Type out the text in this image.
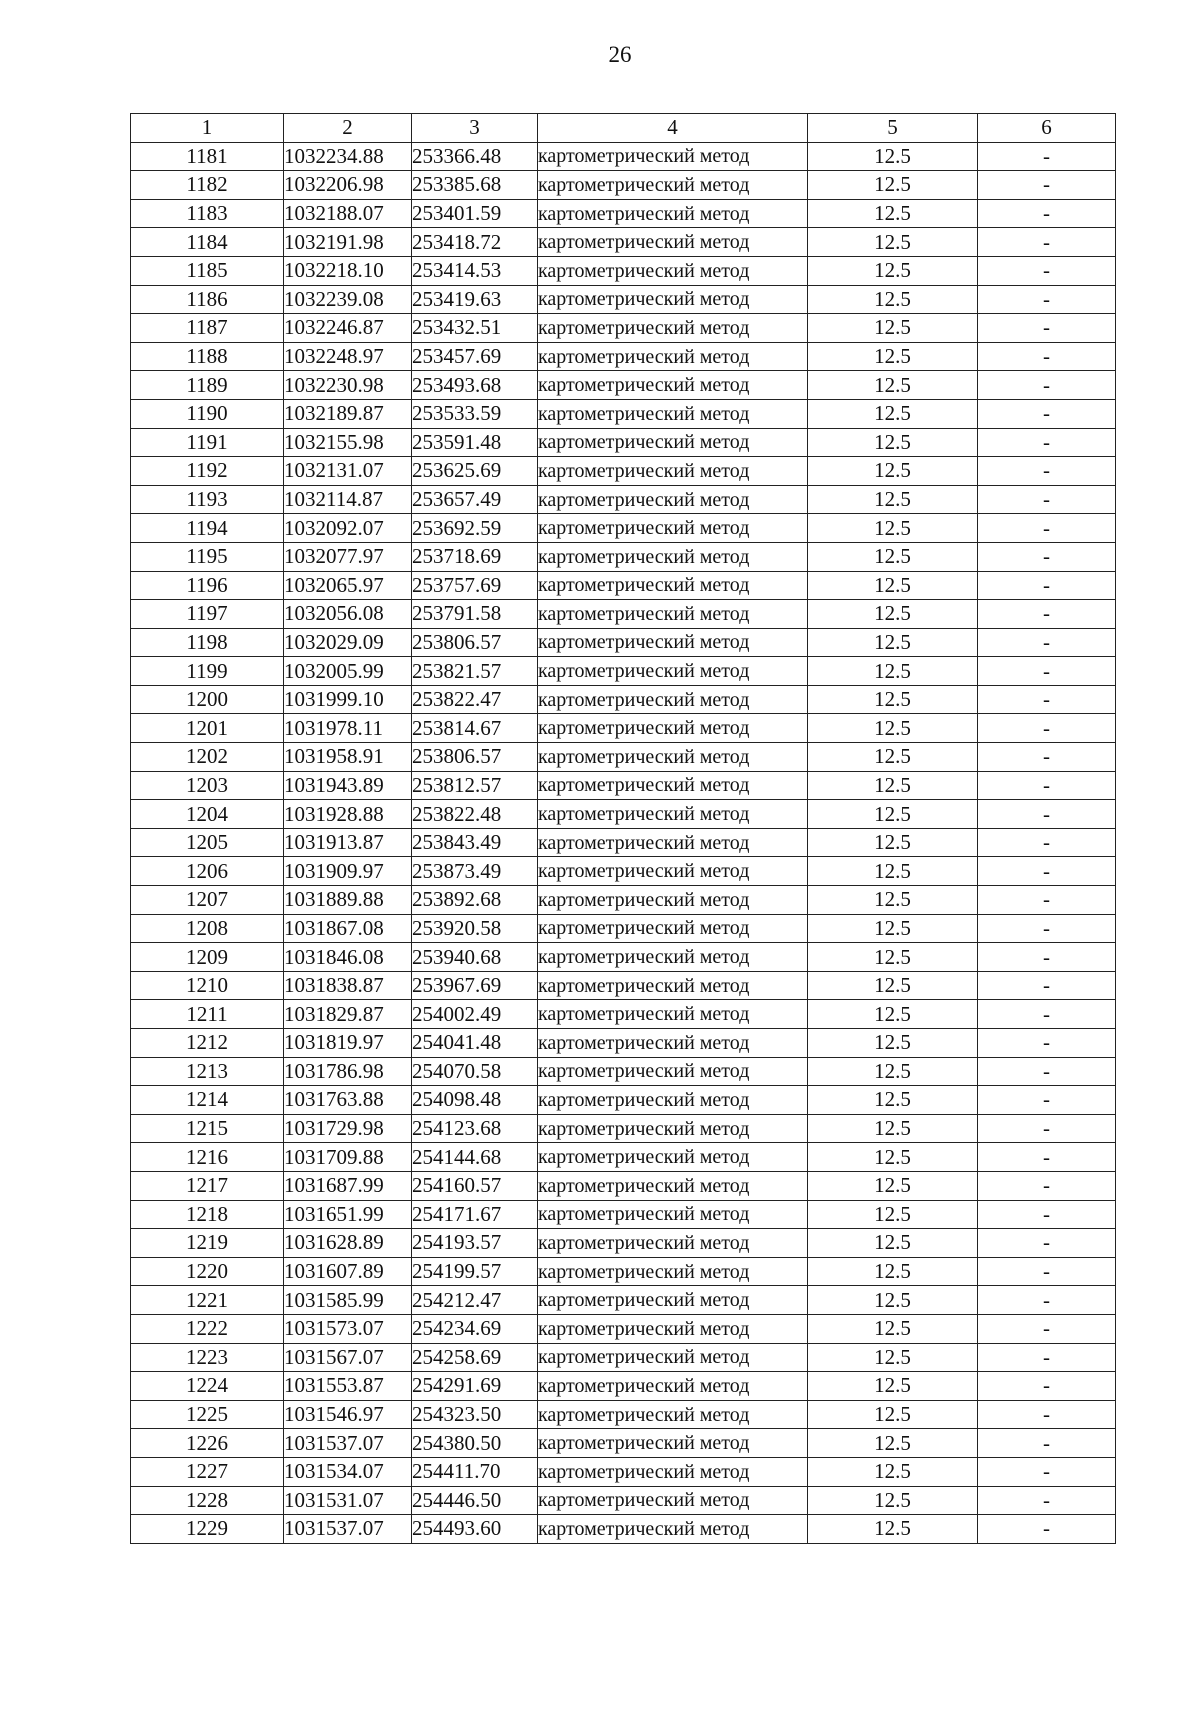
26
1	2	3	4	5	6
1181	1032234.88	253366.48	картометрический метод	12.5	-
1182	1032206.98	253385.68	картометрический метод	12.5	-
1183	1032188.07	253401.59	картометрический метод	12.5	-
1184	1032191.98	253418.72	картометрический метод	12.5	-
1185	1032218.10	253414.53	картометрический метод	12.5	-
1186	1032239.08	253419.63	картометрический метод	12.5	-
1187	1032246.87	253432.51	картометрический метод	12.5	-
1188	1032248.97	253457.69	картометрический метод	12.5	-
1189	1032230.98	253493.68	картометрический метод	12.5	-
1190	1032189.87	253533.59	картометрический метод	12.5	-
1191	1032155.98	253591.48	картометрический метод	12.5	-
1192	1032131.07	253625.69	картометрический метод	12.5	-
1193	1032114.87	253657.49	картометрический метод	12.5	-
1194	1032092.07	253692.59	картометрический метод	12.5	-
1195	1032077.97	253718.69	картометрический метод	12.5	-
1196	1032065.97	253757.69	картометрический метод	12.5	-
1197	1032056.08	253791.58	картометрический метод	12.5	-
1198	1032029.09	253806.57	картометрический метод	12.5	-
1199	1032005.99	253821.57	картометрический метод	12.5	-
1200	1031999.10	253822.47	картометрический метод	12.5	-
1201	1031978.11	253814.67	картометрический метод	12.5	-
1202	1031958.91	253806.57	картометрический метод	12.5	-
1203	1031943.89	253812.57	картометрический метод	12.5	-
1204	1031928.88	253822.48	картометрический метод	12.5	-
1205	1031913.87	253843.49	картометрический метод	12.5	-
1206	1031909.97	253873.49	картометрический метод	12.5	-
1207	1031889.88	253892.68	картометрический метод	12.5	-
1208	1031867.08	253920.58	картометрический метод	12.5	-
1209	1031846.08	253940.68	картометрический метод	12.5	-
1210	1031838.87	253967.69	картометрический метод	12.5	-
1211	1031829.87	254002.49	картометрический метод	12.5	-
1212	1031819.97	254041.48	картометрический метод	12.5	-
1213	1031786.98	254070.58	картометрический метод	12.5	-
1214	1031763.88	254098.48	картометрический метод	12.5	-
1215	1031729.98	254123.68	картометрический метод	12.5	-
1216	1031709.88	254144.68	картометрический метод	12.5	-
1217	1031687.99	254160.57	картометрический метод	12.5	-
1218	1031651.99	254171.67	картометрический метод	12.5	-
1219	1031628.89	254193.57	картометрический метод	12.5	-
1220	1031607.89	254199.57	картометрический метод	12.5	-
1221	1031585.99	254212.47	картометрический метод	12.5	-
1222	1031573.07	254234.69	картометрический метод	12.5	-
1223	1031567.07	254258.69	картометрический метод	12.5	-
1224	1031553.87	254291.69	картометрический метод	12.5	-
1225	1031546.97	254323.50	картометрический метод	12.5	-
1226	1031537.07	254380.50	картометрический метод	12.5	-
1227	1031534.07	254411.70	картометрический метод	12.5	-
1228	1031531.07	254446.50	картометрический метод	12.5	-
1229	1031537.07	254493.60	картометрический метод	12.5	-
